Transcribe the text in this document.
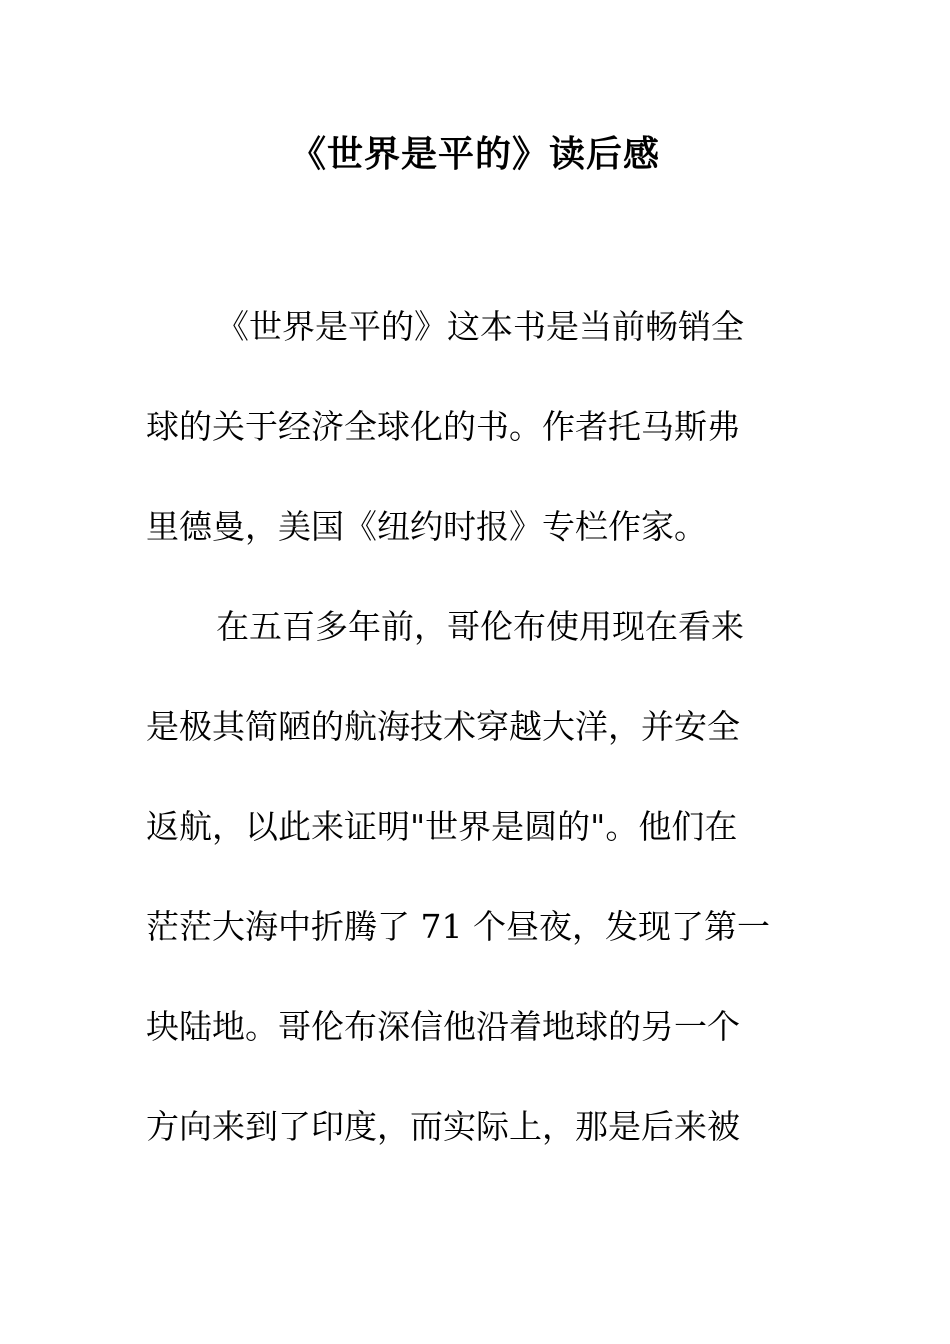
《世界是平的》读后感
《世界是平的》这本书是当前畅销全
球的关于经济全球化的书。作者托马斯弗
里德曼，美国《纽约时报》专栏作家。
在五百多年前，哥伦布使用现在看来
是极其简陋的航海技术穿越大洋，并安全
返航，以此来证明"世界是圆的"。他们在
茫茫大海中折腾了 71 个昼夜，发现了第一
块陆地。哥伦布深信他沿着地球的另一个
方向来到了印度，而实际上，那是后来被
